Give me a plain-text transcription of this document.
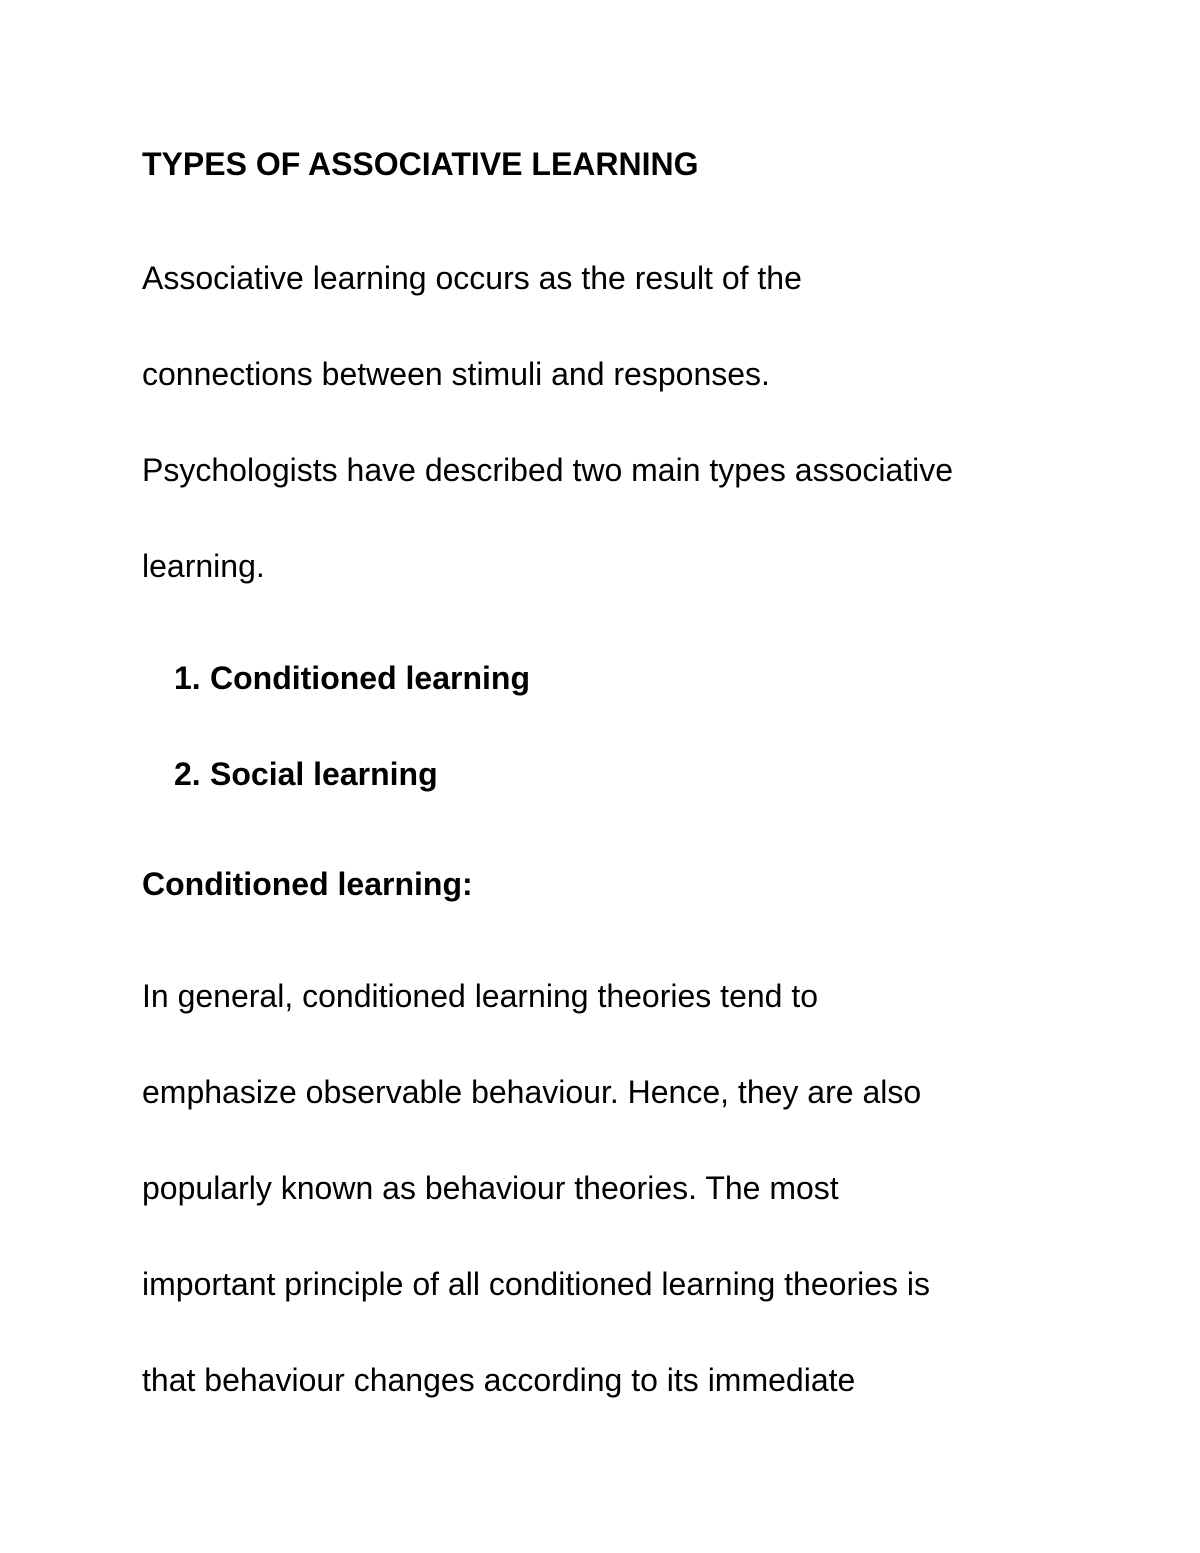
TYPES OF ASSOCIATIVE LEARNING
Associative learning occurs as the result of the
connections between stimuli and responses.
Psychologists have described two main types associative
learning.
1. Conditioned learning
2. Social learning
Conditioned learning:
In general, conditioned learning theories tend to
emphasize observable behaviour. Hence, they are also
popularly known as behaviour theories. The most
important principle of all conditioned learning theories is
that behaviour changes according to its immediate
